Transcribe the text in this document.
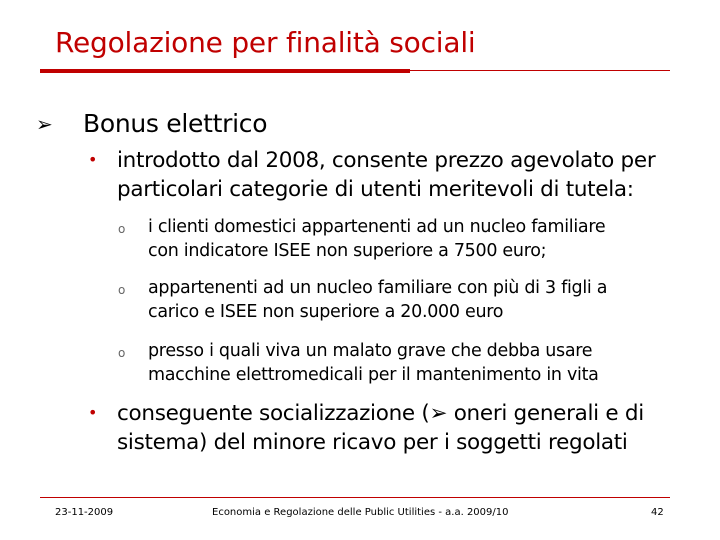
Regolazione per finalità sociali
➢ Bonus elettrico
• introdotto dal 2008, consente prezzo agevolato per
particolari categorie di utenti meritevoli di tutela:
o i clienti domestici appartenenti ad un nucleo familiare
con indicatore ISEE non superiore a 7500 euro;
o appartenenti ad un nucleo familiare con più di 3 figli a
carico e ISEE non superiore a 20.000 euro
o presso i quali viva un malato grave che debba usare
macchine elettromedicali per il mantenimento in vita
• conseguente socializzazione (➢ oneri generali e di
sistema) del minore ricavo per i soggetti regolati
23-11-2009	Economia e Regolazione delle Public Utilities - a.a. 2009/10	42
